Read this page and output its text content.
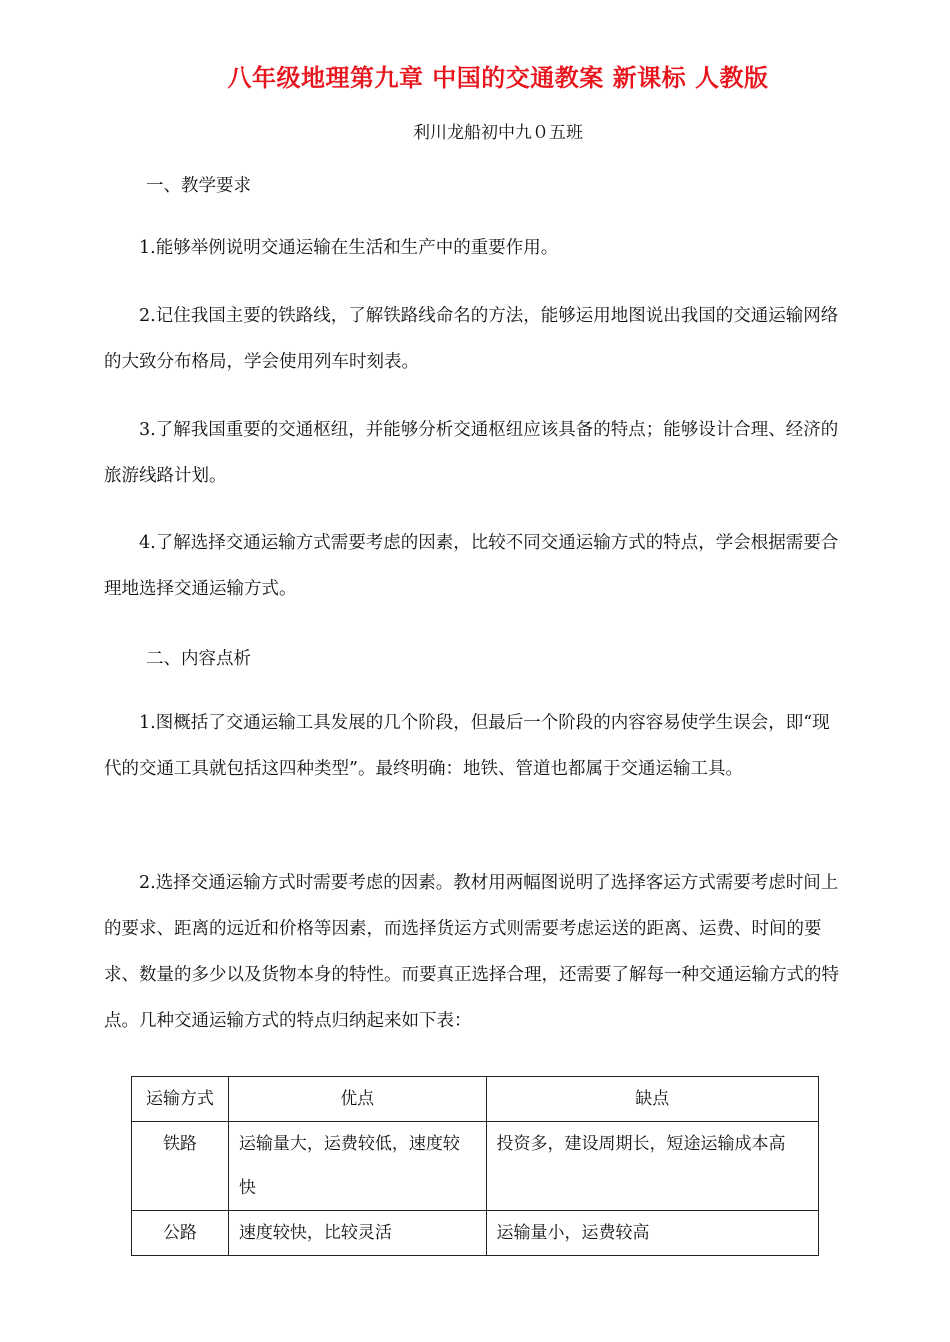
八年级地理第九章 中国的交通教案 新课标 人教版
利川龙船初中九０五班

一、教学要求

1.能够举例说明交通运输在生活和生产中的重要作用。

2.记住我国主要的铁路线，了解铁路线命名的方法，能够运用地图说出我国的交通运输网络的大致分布格局，学会使用列车时刻表。

3.了解我国重要的交通枢纽，并能够分析交通枢纽应该具备的特点；能够设计合理、经济的旅游线路计划。

4.了解选择交通运输方式需要考虑的因素，比较不同交通运输方式的特点，学会根据需要合理地选择交通运输方式。

二、内容点析

1.图概括了交通运输工具发展的几个阶段，但最后一个阶段的内容容易使学生误会，即“现代的交通工具就包括这四种类型”。最终明确：地铁、管道也都属于交通运输工具。

2.选择交通运输方式时需要考虑的因素。教材用两幅图说明了选择客运方式需要考虑时间上的要求、距离的远近和价格等因素，而选择货运方式则需要考虑运送的距离、运费、时间的要求、数量的多少以及货物本身的特性。而要真正选择合理，还需要了解每一种交通运输方式的特点。几种交通运输方式的特点归纳起来如下表：

运输方式	优点	缺点
铁路	运输量大，运费较低，速度较快	投资多，建设周期长，短途运输成本高
公路	速度较快，比较灵活	运输量小，运费较高
